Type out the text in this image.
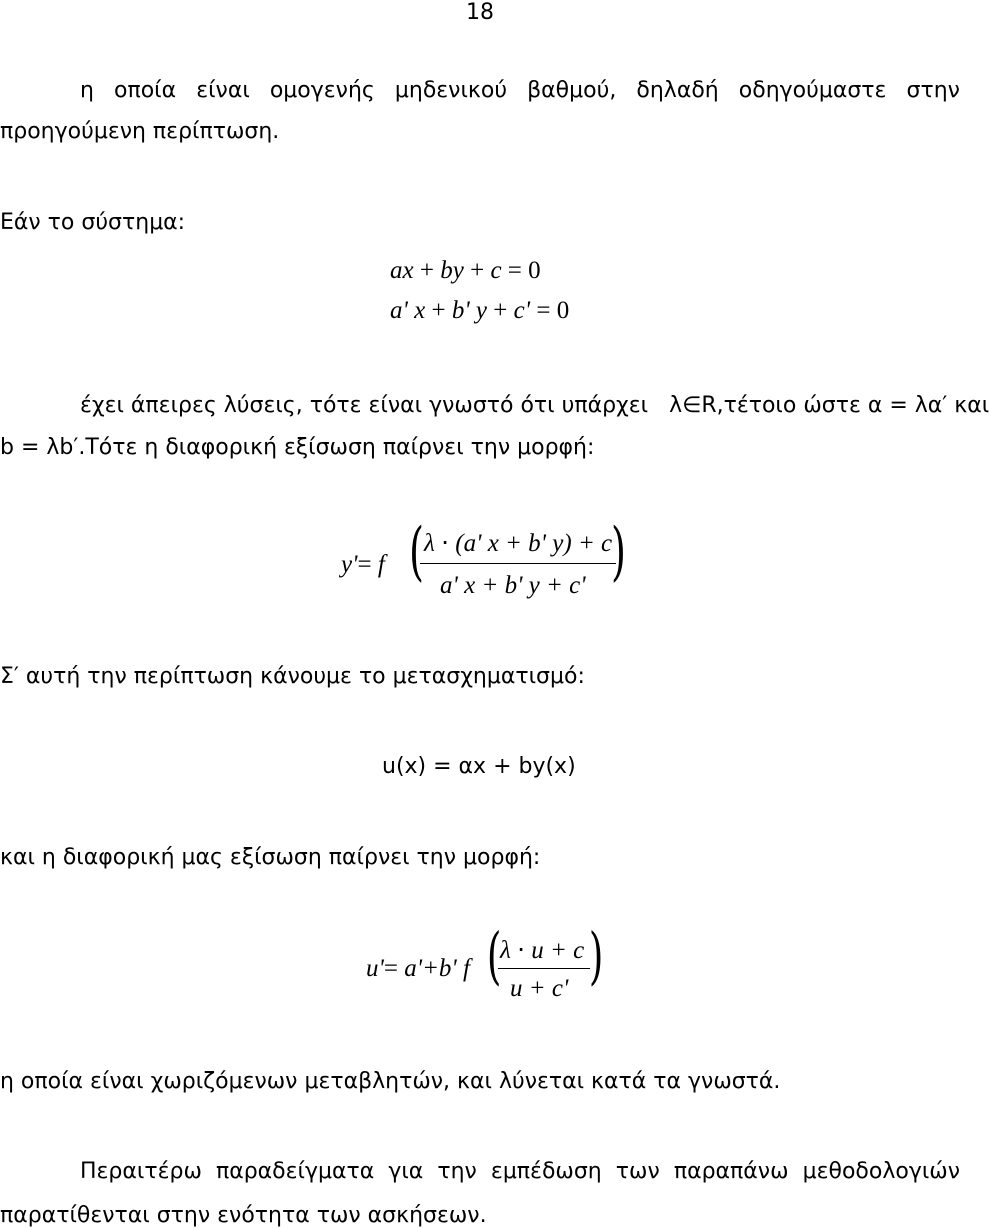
18
η οποία είναι ομογενής μηδενικού βαθμού, δηλαδή οδηγούμαστε στην
προηγούμενη περίπτωση.
Εάν το σύστημα:
ax + by + c = 0
a' x + b' y + c' = 0
έχει άπειρες λύσεις, τότε είναι γνωστό ότι υπάρχει λ∈R,τέτοιο ώστε α = λα′ και
b = λb′.Τότε η διαφορική εξίσωση παίρνει την μορφή:
y'= f ( λ ⋅ (a' x + b' y) + c
a' x + b' y + c' )
Σ′ αυτή την περίπτωση κάνουμε το μετασχηματισμό:
u(x) = αx + by(x)
και η διαφορική μας εξίσωση παίρνει την μορφή:
u'= a'+b' f (
λ ⋅ u + c
u + c' )
η οποία είναι χωριζόμενων μεταβλητών, και λύνεται κατά τα γνωστά.
Περαιτέρω παραδείγματα για την εμπέδωση των παραπάνω μεθοδολογιών
παρατίθενται στην ενότητα των ασκήσεων.
